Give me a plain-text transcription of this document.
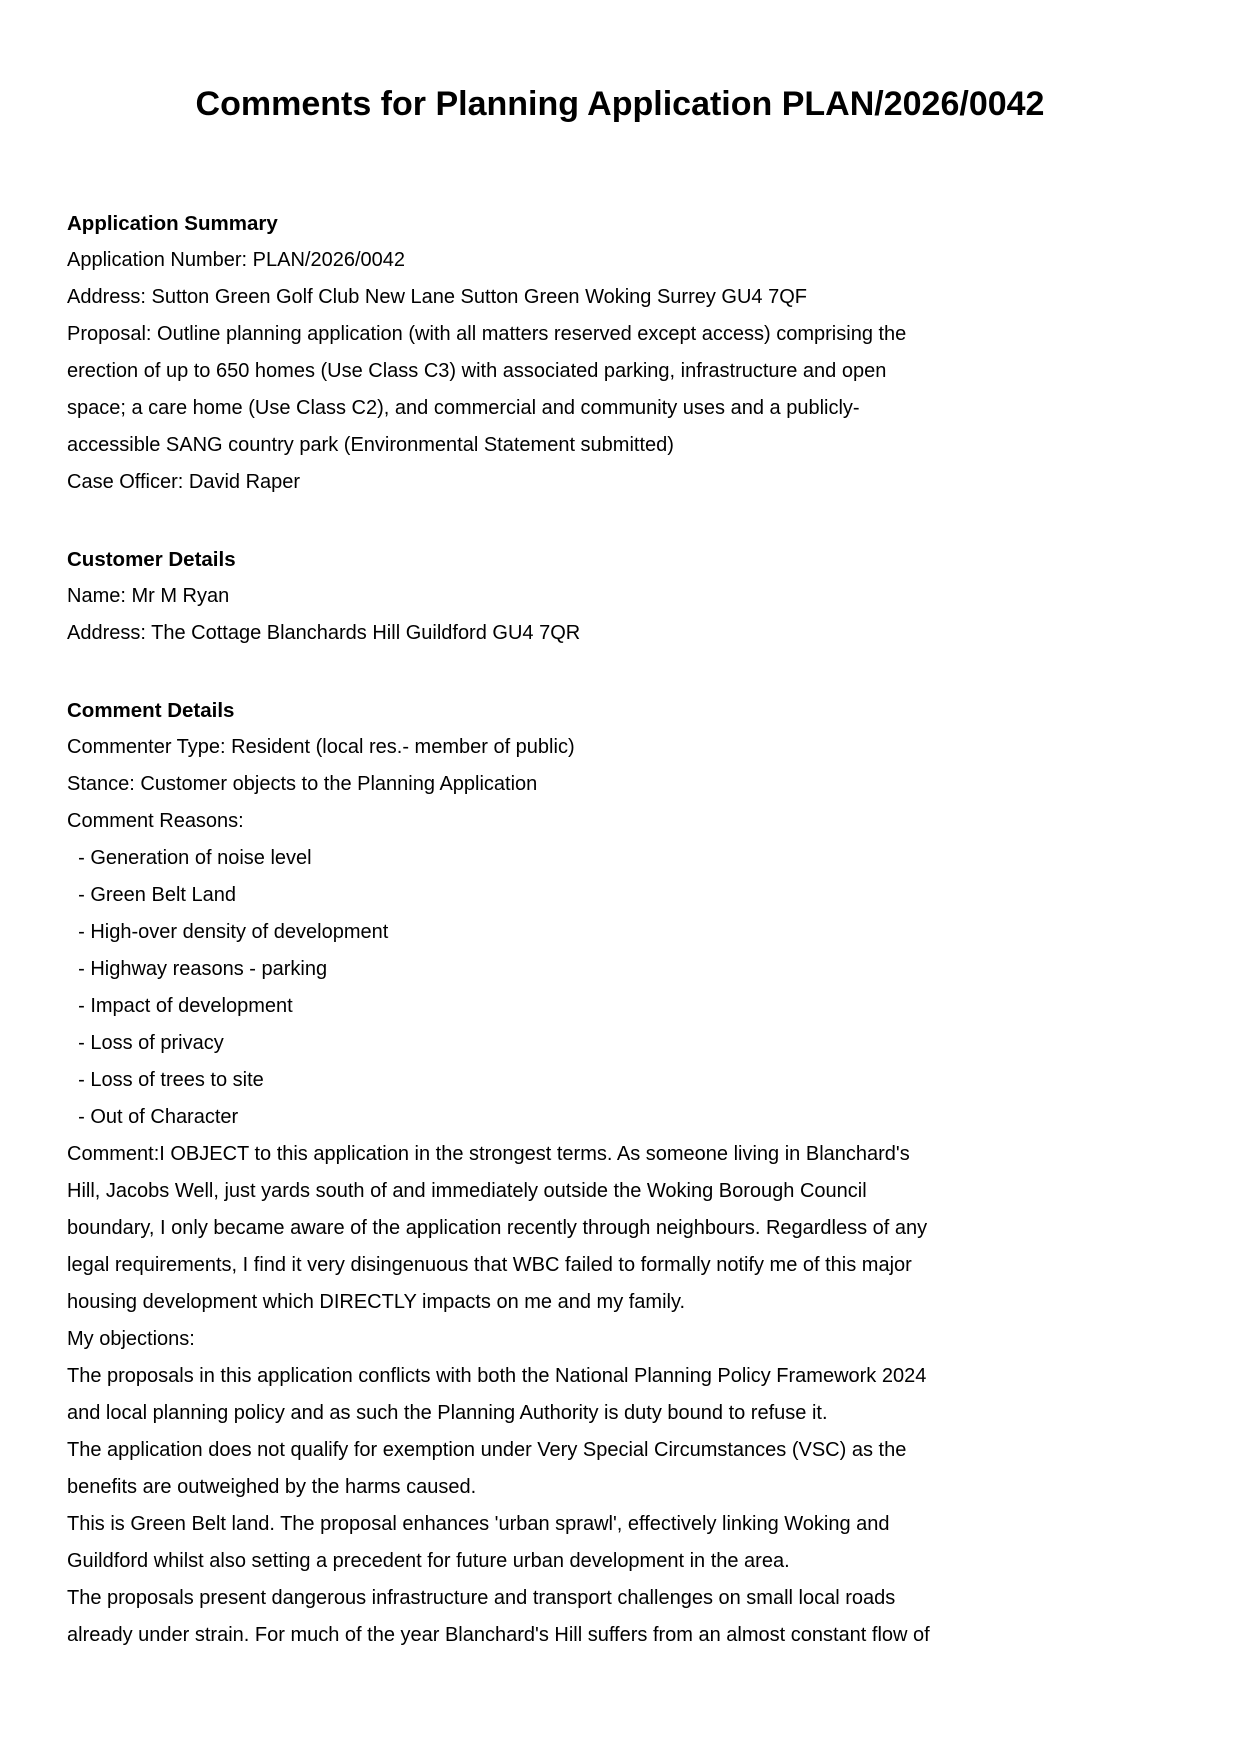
Comments for Planning Application PLAN/2026/0042
Application Summary
Application Number: PLAN/2026/0042
Address: Sutton Green Golf Club New Lane Sutton Green Woking Surrey GU4 7QF
Proposal: Outline planning application (with all matters reserved except access) comprising the
erection of up to 650 homes (Use Class C3) with associated parking, infrastructure and open
space; a care home (Use Class C2), and commercial and community uses and a publicly-
accessible SANG country park (Environmental Statement submitted)
Case Officer: David Raper
Customer Details
Name: Mr M Ryan
Address: The Cottage Blanchards Hill Guildford GU4 7QR
Comment Details
Commenter Type: Resident (local res.- member of public)
Stance: Customer objects to the Planning Application
Comment Reasons:
- Generation of noise level
- Green Belt Land
- High-over density of development
- Highway reasons - parking
- Impact of development
- Loss of privacy
- Loss of trees to site
- Out of Character
Comment:I OBJECT to this application in the strongest terms. As someone living in Blanchard's
Hill, Jacobs Well, just yards south of and immediately outside the Woking Borough Council
boundary, I only became aware of the application recently through neighbours. Regardless of any
legal requirements, I find it very disingenuous that WBC failed to formally notify me of this major
housing development which DIRECTLY impacts on me and my family.
My objections:
The proposals in this application conflicts with both the National Planning Policy Framework 2024
and local planning policy and as such the Planning Authority is duty bound to refuse it.
The application does not qualify for exemption under Very Special Circumstances (VSC) as the
benefits are outweighed by the harms caused.
This is Green Belt land. The proposal enhances 'urban sprawl', effectively linking Woking and
Guildford whilst also setting a precedent for future urban development in the area.
The proposals present dangerous infrastructure and transport challenges on small local roads
already under strain. For much of the year Blanchard's Hill suffers from an almost constant flow of
